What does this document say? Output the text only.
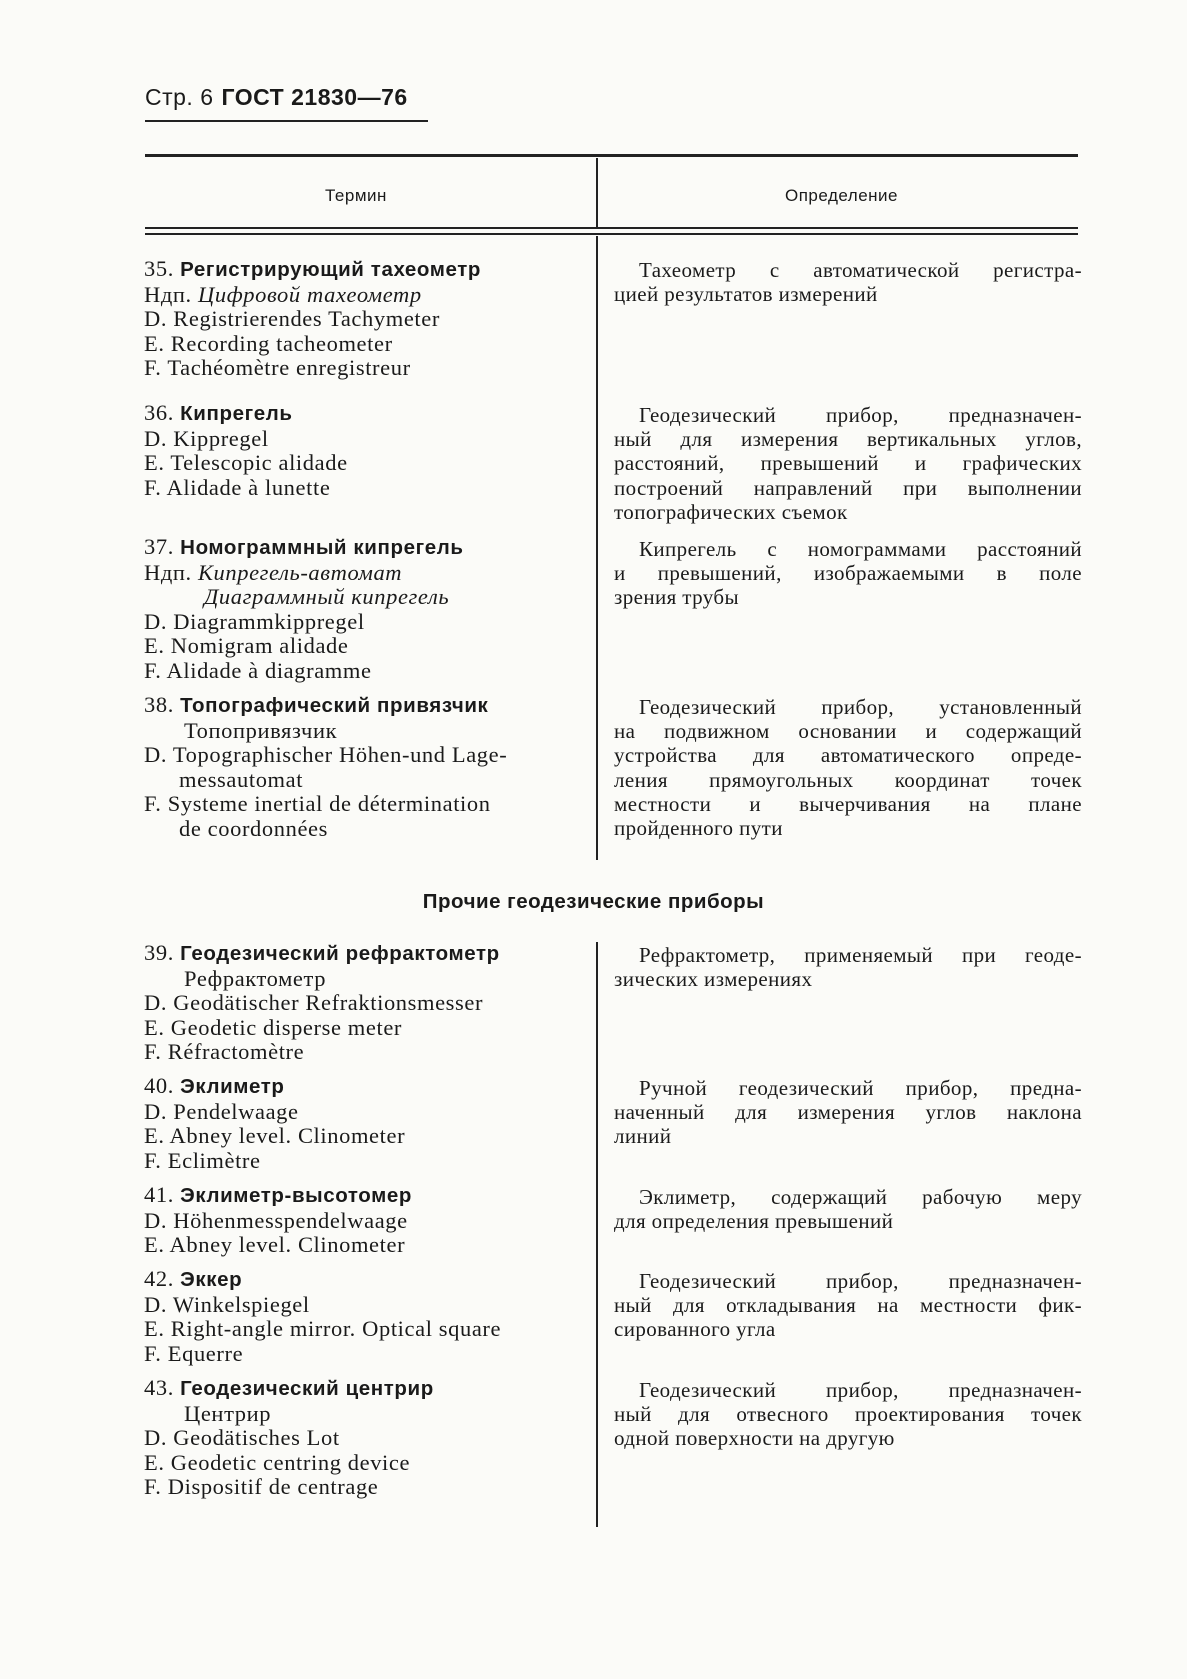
Стр. 6 ГОСТ 21830—76
Термин	Определение
Прочие геодезические приборы
35. Регистрирующий тахеометр
Ндп. Цифровой тахеометр
D. Registrierendes Tachymeter
E. Recording tacheometer
F. Tachéomètre enregistreur
Тахеометр с автоматической регистра-
цией результатов измерений
36. Кипрегель
D. Kippregel
E. Telescopic alidade
F. Alidade à lunette
Геодезический прибор, предназначен-
ный для измерения вертикальных углов,
расстояний, превышений и графических
построений направлений при выполнении
топографических съемок
37. Номограммный кипрегель
Ндп. Кипрегель-автомат
Диаграммный кипрегель
D. Diagrammkippregel
E. Nomigram alidade
F. Alidade à diagramme
Кипрегель с номограммами расстояний
и превышений, изображаемыми в поле
зрения трубы
38. Топографический привязчик
Топопривязчик
D. Topographischer Höhen-und Lage-
messautomat
F. Systeme inertial de détermination
de coordonnées
Геодезический прибор, установленный
на подвижном основании и содержащий
устройства для автоматического опреде-
ления прямоугольных координат точек
местности и вычерчивания на плане
пройденного пути
39. Геодезический рефрактометр
Рефрактометр
D. Geodätischer Refraktionsmesser
E. Geodetic disperse meter
F. Réfractomètre
Рефрактометр, применяемый при геоде-
зических измерениях
40. Эклиметр
D. Pendelwaage
E. Abney level. Clinometer
F. Eclimètre
Ручной геодезический прибор, предна-
наченный для измерения углов наклона
линий
41. Эклиметр-высотомер
D. Höhenmesspendelwaage
E. Abney level. Clinometer
Эклиметр, содержащий рабочую меру
для определения превышений
42. Эккер
D. Winkelspiegel
E. Right-angle mirror. Optical square
F. Equerre
Геодезический прибор, предназначен-
ный для откладывания на местности фик-
сированного угла
43. Геодезический центрир
Центрир
D. Geodätisches Lot
E. Geodetic centring device
F. Dispositif de centrage
Геодезический прибор, предназначен-
ный для отвесного проектирования точек
одной поверхности на другую
